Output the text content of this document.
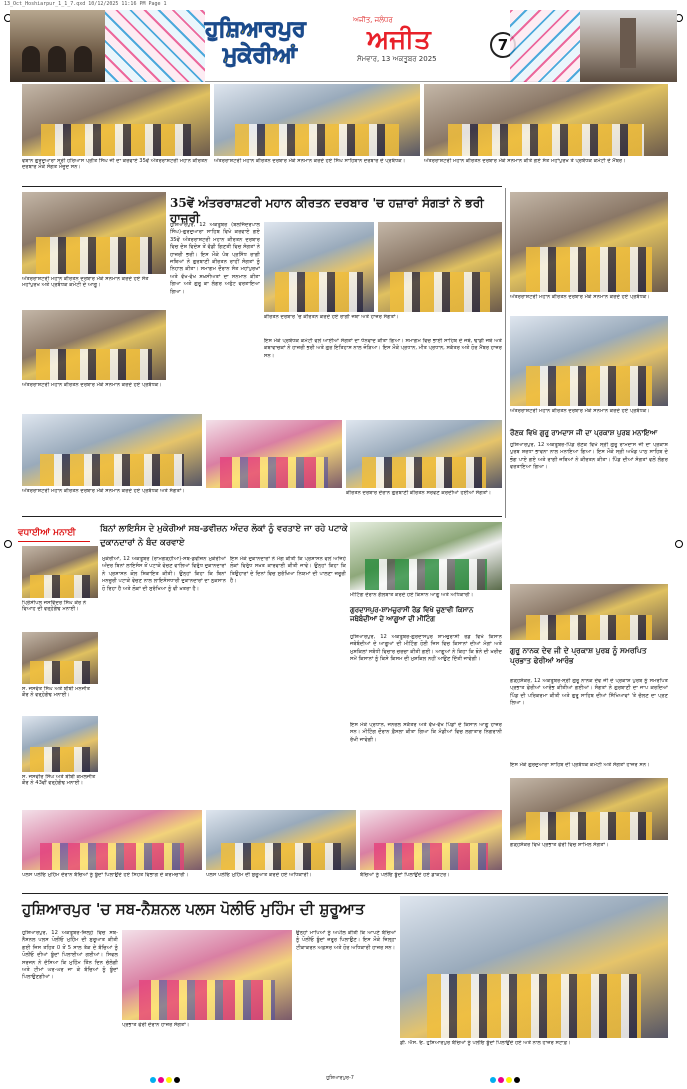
13_Oct_Hoshiarpur_1_1_7.qxd 10/12/2025 11:16 PM Page 1
ਹੁਸ਼ਿਆਰਪੁਰ
ਮੁਕੇਰੀਆਂ
ਅਜੀਤ, ਜਲੰਧਰ
ਅਜੀਤ
ਸੋਮਵਾਰ, 13 ਅਕਤੂਬਰ 2025
7
ਵੋਬਾਨ ਗੁਰਦੁਆਰਾ ਸ੍ਰੀ ਹਰਿਆਸ ਪ੍ਰੀਤ ਸਿੰਘ ਜੀ ਦਾ ਕਰਵਾਏ 35ਵੇਂ ਅੰਤਰਰਾਸ਼ਟਰੀ ਮਹਾਨ ਕੀਰਤਨ ਦਰਬਾਰ ਮੌਕੇ ਸੰਗਤ ਮੌਜੂਦ ਸਨ।
ਅੰਤਰਰਾਸ਼ਟਰੀ ਮਹਾਨ ਕੀਰਤਨ ਦਰਬਾਰ ਮੌਕੇ ਸਨਮਾਨ ਕਰਦੇ ਹੋਏ ਸਿੰਘ ਸਾਹਿਬਾਨ ਦਰਬਾਰ ਦੇ ਪ੍ਰਬੰਧਕ।	ਅੰਤਰਰਾਸ਼ਟਰੀ ਮਹਾਨ ਕੀਰਤਨ ਦਰਬਾਰ ਮੌਕੇ ਸਨਮਾਨ ਕੀਤੇ ਗਏ ਸੰਤ ਮਹਾਂਪੁਰਖ ਤੇ ਪ੍ਰਬੰਧਕ ਕਮੇਟੀ ਦੇ ਮੈਂਬਰ।
35ਵੇਂ ਅੰਤਰਰਾਸ਼ਟਰੀ ਮਹਾਨ ਕੀਰਤਨ ਦਰਬਾਰ 'ਚ ਹਜ਼ਾਰਾਂ ਸੰਗਤਾਂ ਨੇ ਭਰੀ ਹਾਜ਼ਰੀ
ਅੰਤਰਰਾਸ਼ਟਰੀ ਮਹਾਨ ਕੀਰਤਨ ਦਰਬਾਰ ਮੌਕੇ ਸਨਮਾਨ ਕਰਦੇ ਹੋਏ ਸੰਤ ਮਹਾਂਪੁਰਖ ਅਤੇ ਪ੍ਰਬੰਧਕ ਕਮੇਟੀ ਦੇ ਆਗੂ।
ਅੰਤਰਰਾਸ਼ਟਰੀ ਮਹਾਨ ਕੀਰਤਨ ਦਰਬਾਰ ਮੌਕੇ ਸਨਮਾਨ ਕਰਦੇ ਹੋਏ ਪ੍ਰਬੰਧਕ।
ਅੰਤਰਰਾਸ਼ਟਰੀ ਮਹਾਨ ਕੀਰਤਨ ਦਰਬਾਰ ਮੌਕੇ ਸਨਮਾਨ ਕਰਦੇ ਹੋਏ ਪ੍ਰਬੰਧਕ ਅਤੇ ਸੰਗਤਾਂ।
ਹੁਸ਼ਿਆਰਪੁਰ, 12 ਅਕਤੂਬਰ (ਬਲਜਿੰਦਰਪਾਲ ਸਿੰਘ)-ਗੁਰਦੁਆਰਾ ਸਾਹਿਬ ਵਿਖੇ ਕਰਵਾਏ ਗਏ 35ਵੇਂ ਅੰਤਰਰਾਸ਼ਟਰੀ ਮਹਾਨ ਕੀਰਤਨ ਦਰਬਾਰ ਵਿਚ ਦੇਸ਼ ਵਿਦੇਸ਼ ਤੋਂ ਵੱਡੀ ਗਿਣਤੀ ਵਿਚ ਸੰਗਤਾਂ ਨੇ ਹਾਜ਼ਰੀ ਭਰੀ। ਇਸ ਮੌਕੇ ਪੰਥ ਪ੍ਰਸਿੱਧ ਰਾਗੀ ਜਥਿਆਂ ਨੇ ਗੁਰਬਾਣੀ ਕੀਰਤਨ ਰਾਹੀਂ ਸੰਗਤਾਂ ਨੂੰ ਨਿਹਾਲ ਕੀਤਾ। ਸਮਾਗਮ ਦੌਰਾਨ ਸੰਤ ਮਹਾਂਪੁਰਖਾਂ ਅਤੇ ਵੱਖ-ਵੱਖ ਸ਼ਖ਼ਸੀਅਤਾਂ ਦਾ ਸਨਮਾਨ ਕੀਤਾ ਗਿਆ ਅਤੇ ਗੁਰੂ ਕਾ ਲੰਗਰ ਅਤੁੱਟ ਵਰਤਾਇਆ ਗਿਆ।
ਕੀਰਤਨ ਦਰਬਾਰ 'ਚ ਕੀਰਤਨ ਕਰਦੇ ਹੋਏ ਰਾਗੀ ਜਥਾ ਅਤੇ ਹਾਜ਼ਰ ਸੰਗਤਾਂ।
ਇਸ ਮੌਕੇ ਪ੍ਰਬੰਧਕ ਕਮੇਟੀ ਵਲੋਂ ਆਈਆਂ ਸੰਗਤਾਂ ਦਾ ਧੰਨਵਾਦ ਕੀਤਾ ਗਿਆ। ਸਮਾਗਮ ਵਿਚ ਭਾਈ ਸਾਹਿਬ ਦੇ ਜਥੇ, ਢਾਡੀ ਜਥੇ ਅਤੇ ਕਥਾਵਾਚਕਾਂ ਨੇ ਹਾਜ਼ਰੀ ਭਰੀ ਅਤੇ ਗੁਰ ਇਤਿਹਾਸ ਨਾਲ ਜੋੜਿਆ। ਇਸ ਮੌਕੇ ਪ੍ਰਧਾਨ, ਮੀਤ ਪ੍ਰਧਾਨ, ਸਕੱਤਰ ਅਤੇ ਹੋਰ ਮੈਂਬਰ ਹਾਜ਼ਰ ਸਨ।
ਕੀਰਤਨ ਦਰਬਾਰ ਦੌਰਾਨ ਗੁਰਬਾਣੀ ਕੀਰਤਨ ਸਰਵਣ ਕਰਦੀਆਂ ਹੋਈਆਂ ਸੰਗਤਾਂ।
ਅੰਤਰਰਾਸ਼ਟਰੀ ਮਹਾਨ ਕੀਰਤਨ ਦਰਬਾਰ ਮੌਕੇ ਸਨਮਾਨ ਕਰਦੇ ਹੋਏ ਪ੍ਰਬੰਧਕ।
ਅੰਤਰਰਾਸ਼ਟਰੀ ਮਹਾਨ ਕੀਰਤਨ ਦਰਬਾਰ ਮੌਕੇ ਸਨਮਾਨ ਕਰਦੇ ਹੋਏ ਪ੍ਰਬੰਧਕ।
ਰੌਣਕ ਵਿਖੇ ਗੁਰੂ ਰਾਮਦਾਸ ਜੀ ਦਾ ਪ੍ਰਕਾਸ਼ ਪੁਰਬ ਮਨਾਇਆ
ਹੁਸ਼ਿਆਰਪੁਰ, 12 ਅਕਤੂਬਰ-ਪਿੰਡ ਰੌਣਕ ਵਿਖੇ ਸ੍ਰੀ ਗੁਰੂ ਰਾਮਦਾਸ ਜੀ ਦਾ ਪ੍ਰਕਾਸ਼ ਪੁਰਬ ਸ਼ਰਧਾ ਭਾਵਨਾ ਨਾਲ ਮਨਾਇਆ ਗਿਆ। ਇਸ ਮੌਕੇ ਸ੍ਰੀ ਅਖੰਡ ਪਾਠ ਸਾਹਿਬ ਦੇ ਭੋਗ ਪਾਏ ਗਏ ਅਤੇ ਰਾਗੀ ਜਥਿਆਂ ਨੇ ਕੀਰਤਨ ਕੀਤਾ। ਪਿੰਡ ਦੀਆਂ ਸੰਗਤਾਂ ਵਲੋਂ ਲੰਗਰ ਵਰਤਾਇਆ ਗਿਆ।
ਵਧਾਈਆਂ ਮਨਾਈ	ਬਿਨਾਂ ਲਾਇਸੰਸ ਦੇ ਮੁਕੇਰੀਆਂ ਸਬ-ਡਵੀਜ਼ਨ ਅੰਦਰ ਲੋਕਾਂ ਨੂੰ ਵਰਤਾਏ ਜਾ ਰਹੇ ਪਟਾਕੇ ਦੁਕਾਨਦਾਰਾਂ ਨੇ ਬੰਦ ਕਰਵਾਏ
ਪ੍ਰਿੰਸੀਪਲ ਜਸਵਿੰਦਰ ਸਿੰਘ ਕੌਰ ਨੇ ਵਿਆਹ ਦੀ ਵਰ੍ਹੇਗੰਢ ਮਨਾਈ।
ਸ. ਜਸਵੰਤ ਸਿੰਘ ਅਤੇ ਬੀਬੀ ਮਨਜੀਤ ਕੌਰ ਨੇ ਵਰ੍ਹੇਗੰਢ ਮਨਾਈ।
ਸ. ਜਸਵੀਰ ਸਿੰਘ ਅਤੇ ਬੀਬੀ ਕਮਲਜੀਤ ਕੌਰ ਨੇ 43ਵੀਂ ਵਰ੍ਹੇਗੰਢ ਮਨਾਈ।
ਮੁਕੇਰੀਆਂ, 12 ਅਕਤੂਬਰ (ਰਾਮਗੜ੍ਹੀਆ)-ਸਬ-ਡਵੀਜ਼ਨ ਮੁਕੇਰੀਆਂ ਅੰਦਰ ਬਿਨਾਂ ਲਾਇਸੰਸ ਤੋਂ ਪਟਾਕੇ ਵੇਚਣ ਵਾਲਿਆਂ ਵਿਰੁੱਧ ਦੁਕਾਨਦਾਰਾਂ ਨੇ ਪ੍ਰਸ਼ਾਸਨ ਕੋਲ ਸ਼ਿਕਾਇਤ ਕੀਤੀ। ਉਨ੍ਹਾਂ ਕਿਹਾ ਕਿ ਬਿਨਾਂ ਮਨਜ਼ੂਰੀ ਪਟਾਕੇ ਵੇਚਣ ਨਾਲ ਲਾਇਸੰਸਧਾਰੀ ਦੁਕਾਨਦਾਰਾਂ ਦਾ ਨੁਕਸਾਨ ਹੋ ਰਿਹਾ ਹੈ ਅਤੇ ਲੋਕਾਂ ਦੀ ਸੁਰੱਖਿਆ ਨੂੰ ਵੀ ਖ਼ਤਰਾ ਹੈ।
ਇਸ ਮੌਕੇ ਦੁਕਾਨਦਾਰਾਂ ਨੇ ਮੰਗ ਕੀਤੀ ਕਿ ਪ੍ਰਸ਼ਾਸਨ ਵਲੋਂ ਅਜਿਹੇ ਲੋਕਾਂ ਵਿਰੁੱਧ ਸਖ਼ਤ ਕਾਰਵਾਈ ਕੀਤੀ ਜਾਵੇ। ਉਨ੍ਹਾਂ ਕਿਹਾ ਕਿ ਤਿਉਹਾਰਾਂ ਦੇ ਦਿਨਾਂ ਵਿਚ ਸੁਰੱਖਿਆ ਨਿਯਮਾਂ ਦੀ ਪਾਲਣਾ ਜ਼ਰੂਰੀ ਹੈ।
ਮੀਟਿੰਗ ਦੌਰਾਨ ਗੱਲਬਾਤ ਕਰਦੇ ਹੋਏ ਕਿਸਾਨ ਆਗੂ ਅਤੇ ਅਧਿਕਾਰੀ।
ਗੁਰਦਾਸਪੁਰ-ਸ਼ਾਮਚੁਰਾਸੀ ਰੋਡ ਵਿਖੇ ਚੁਣਾਵੀ ਕਿਸਾਨ ਜਥੇਬੰਦੀਆਂ ਦੇ ਆਗੂਆਂ ਦੀ ਮੀਟਿੰਗ
ਹੁਸ਼ਿਆਰਪੁਰ, 12 ਅਕਤੂਬਰ-ਗੁਰਦਾਸਪੁਰ ਸ਼ਾਮਚੁਰਾਸੀ ਰੋਡ ਵਿਖੇ ਕਿਸਾਨ ਜਥੇਬੰਦੀਆਂ ਦੇ ਆਗੂਆਂ ਦੀ ਮੀਟਿੰਗ ਹੋਈ ਜਿਸ ਵਿਚ ਕਿਸਾਨਾਂ ਦੀਆਂ ਮੰਗਾਂ ਅਤੇ ਮੁਸ਼ਕਿਲਾਂ ਸਬੰਧੀ ਵਿਚਾਰ ਚਰਚਾ ਕੀਤੀ ਗਈ। ਆਗੂਆਂ ਨੇ ਕਿਹਾ ਕਿ ਝੋਨੇ ਦੀ ਖ਼ਰੀਦ ਸਮੇਂ ਕਿਸਾਨਾਂ ਨੂੰ ਕਿਸੇ ਕਿਸਮ ਦੀ ਮੁਸ਼ਕਿਲ ਨਹੀਂ ਆਉਣ ਦਿੱਤੀ ਜਾਵੇਗੀ।
ਇਸ ਮੌਕੇ ਪ੍ਰਧਾਨ, ਜਨਰਲ ਸਕੱਤਰ ਅਤੇ ਵੱਖ-ਵੱਖ ਪਿੰਡਾਂ ਦੇ ਕਿਸਾਨ ਆਗੂ ਹਾਜ਼ਰ ਸਨ। ਮੀਟਿੰਗ ਦੌਰਾਨ ਫ਼ੈਸਲਾ ਕੀਤਾ ਗਿਆ ਕਿ ਮੰਡੀਆਂ ਵਿਚ ਲਗਾਤਾਰ ਨਿਗਰਾਨੀ ਰੱਖੀ ਜਾਵੇਗੀ।
ਗੁਰੂ ਨਾਨਕ ਦੇਵ ਜੀ ਦੇ ਪ੍ਰਕਾਸ਼ ਪੁਰਬ ਨੂੰ ਸਮਰਪਿਤ ਪ੍ਰਭਾਤ ਫੇਰੀਆਂ ਆਰੰਭ
ਗੜ੍ਹਸ਼ੰਕਰ, 12 ਅਕਤੂਬਰ-ਸ੍ਰੀ ਗੁਰੂ ਨਾਨਕ ਦੇਵ ਜੀ ਦੇ ਪ੍ਰਕਾਸ਼ ਪੁਰਬ ਨੂੰ ਸਮਰਪਿਤ ਪ੍ਰਭਾਤ ਫੇਰੀਆਂ ਆਰੰਭ ਕੀਤੀਆਂ ਗਈਆਂ। ਸੰਗਤਾਂ ਨੇ ਗੁਰਬਾਣੀ ਦਾ ਜਾਪ ਕਰਦਿਆਂ ਪਿੰਡ ਦੀ ਪਰਿਕਰਮਾ ਕੀਤੀ ਅਤੇ ਗੁਰੂ ਸਾਹਿਬ ਦੀਆਂ ਸਿੱਖਿਆਵਾਂ 'ਤੇ ਚੱਲਣ ਦਾ ਪ੍ਰਣ ਲਿਆ।
ਇਸ ਮੌਕੇ ਗੁਰਦੁਆਰਾ ਸਾਹਿਬ ਦੀ ਪ੍ਰਬੰਧਕ ਕਮੇਟੀ ਅਤੇ ਸੰਗਤਾਂ ਹਾਜ਼ਰ ਸਨ।
ਪਲਸ ਪੋਲੀਓ ਮੁਹਿੰਮ ਦੌਰਾਨ ਬੱਚਿਆਂ ਨੂੰ ਬੂੰਦਾਂ ਪਿਲਾਉਂਦੇ ਹੋਏ ਸਿਹਤ ਵਿਭਾਗ ਦੇ ਕਰਮਚਾਰੀ।	ਪਲਸ ਪੋਲੀਓ ਮੁਹਿੰਮ ਦੀ ਸ਼ੁਰੂਆਤ ਕਰਦੇ ਹੋਏ ਅਧਿਕਾਰੀ।	ਬੱਚਿਆਂ ਨੂੰ ਪੋਲੀਓ ਬੂੰਦਾਂ ਪਿਲਾਉਂਦੇ ਹੋਏ ਡਾਕਟਰ।
ਗੜ੍ਹਸ਼ੰਕਰ ਵਿਖੇ ਪ੍ਰਭਾਤ ਫੇਰੀ ਵਿਚ ਸ਼ਾਮਿਲ ਸੰਗਤਾਂ।
ਹੁਸ਼ਿਆਰਪੁਰ 'ਚ ਸਬ-ਨੈਸ਼ਨਲ ਪਲਸ ਪੋਲੀਓ ਮੁਹਿੰਮ ਦੀ ਸ਼ੁਰੂਆਤ
ਹੁਸ਼ਿਆਰਪੁਰ, 12 ਅਕਤੂਬਰ-ਜ਼ਿਲ੍ਹੇ ਵਿਚ ਸਬ-ਨੈਸ਼ਨਲ ਪਲਸ ਪੋਲੀਓ ਮੁਹਿੰਮ ਦੀ ਸ਼ੁਰੂਆਤ ਕੀਤੀ ਗਈ ਜਿਸ ਤਹਿਤ 0 ਤੋਂ 5 ਸਾਲ ਤੱਕ ਦੇ ਬੱਚਿਆਂ ਨੂੰ ਪੋਲੀਓ ਦੀਆਂ ਬੂੰਦਾਂ ਪਿਲਾਈਆਂ ਗਈਆਂ। ਸਿਵਲ ਸਰਜਨ ਨੇ ਦੱਸਿਆ ਕਿ ਮੁਹਿੰਮ ਤਿੰਨ ਦਿਨ ਚੱਲੇਗੀ ਅਤੇ ਟੀਮਾਂ ਘਰ-ਘਰ ਜਾ ਕੇ ਬੱਚਿਆਂ ਨੂੰ ਬੂੰਦਾਂ ਪਿਲਾਉਣਗੀਆਂ।
ਪ੍ਰਭਾਤ ਫੇਰੀ ਦੌਰਾਨ ਹਾਜ਼ਰ ਸੰਗਤਾਂ।
ਉਨ੍ਹਾਂ ਮਾਪਿਆਂ ਨੂੰ ਅਪੀਲ ਕੀਤੀ ਕਿ ਆਪਣੇ ਬੱਚਿਆਂ ਨੂੰ ਪੋਲੀਓ ਬੂੰਦਾਂ ਜ਼ਰੂਰ ਪਿਲਾਉਣ। ਇਸ ਮੌਕੇ ਜ਼ਿਲ੍ਹਾ ਟੀਕਾਕਰਨ ਅਫ਼ਸਰ ਅਤੇ ਹੋਰ ਅਧਿਕਾਰੀ ਹਾਜ਼ਰ ਸਨ।
ਡੀ. ਐਸ. ਓ. ਹੁਸ਼ਿਆਰਪੁਰ ਬੱਚਿਆਂ ਨੂੰ ਪੋਲੀਓ ਬੂੰਦਾਂ ਪਿਲਾਉਂਦੇ ਹੋਏ ਅਤੇ ਨਾਲ ਹਾਜ਼ਰ ਸਟਾਫ਼।
ਹੁਸ਼ਿਆਰਪੁਰ-7
